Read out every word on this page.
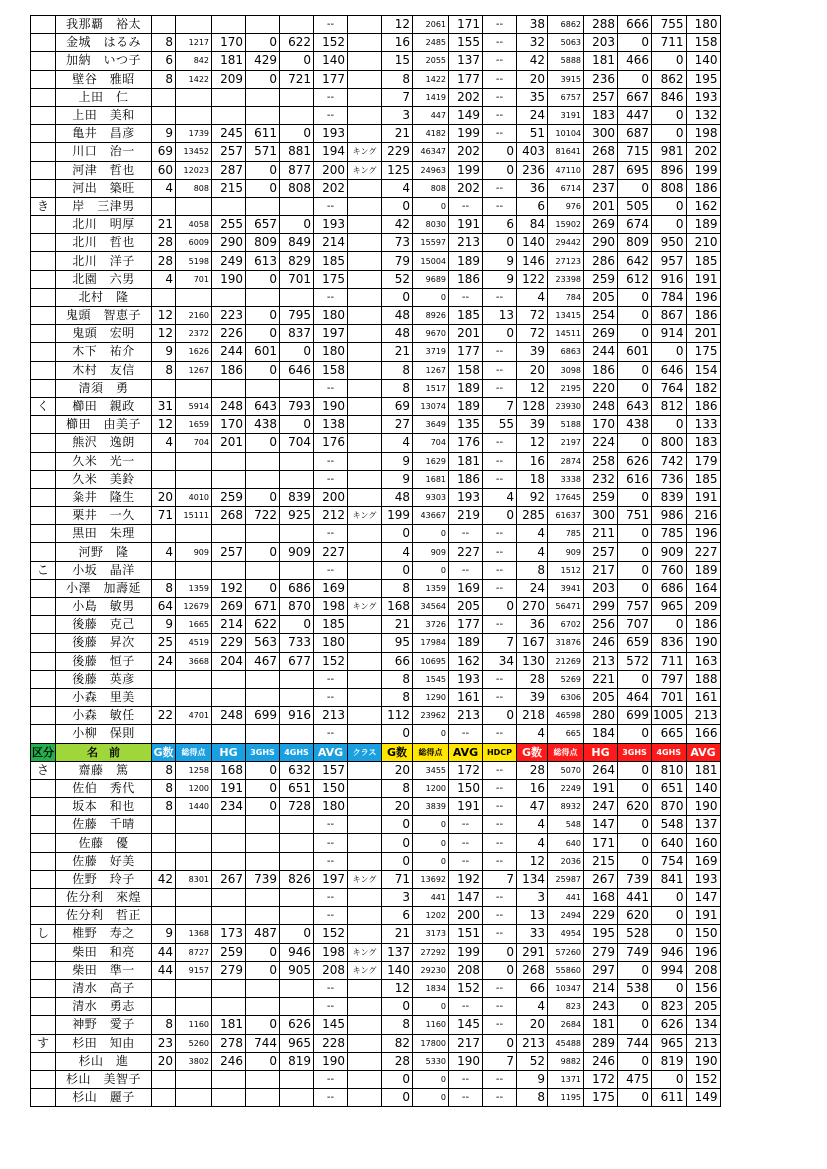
	我那覇　裕太						--		12	2061	171	--	38	6862	288	666	755	180
	金城　はるみ	8	1217	170	0	622	152		16	2485	155	--	32	5063	203	0	711	158
	加納　いつ子	6	842	181	429	0	140		15	2055	137	--	42	5888	181	466	0	140
	壁谷　雅昭	8	1422	209	0	721	177		8	1422	177	--	20	3915	236	0	862	195
	上田　仁						--		7	1419	202	--	35	6757	257	667	846	193
	上田　美和						--		3	447	149	--	24	3191	183	447	0	132
	亀井　昌彦	9	1739	245	611	0	193		21	4182	199	--	51	10104	300	687	0	198
	川口　治一	69	13452	257	571	881	194	キング	229	46347	202	0	403	81641	268	715	981	202
	河津　哲也	60	12023	287	0	877	200	キング	125	24963	199	0	236	47110	287	695	896	199
	河出　築旺	4	808	215	0	808	202		4	808	202	--	36	6714	237	0	808	186
き	岸　三津男						--		0	0	--	--	6	976	201	505	0	162
	北川　明厚	21	4058	255	657	0	193		42	8030	191	6	84	15902	269	674	0	189
	北川　哲也	28	6009	290	809	849	214		73	15597	213	0	140	29442	290	809	950	210
	北川　洋子	28	5198	249	613	829	185		79	15004	189	9	146	27123	286	642	957	185
	北園　六男	4	701	190	0	701	175		52	9689	186	9	122	23398	259	612	916	191
	北村　隆						--		0	0	--	--	4	784	205	0	784	196
	鬼頭　智恵子	12	2160	223	0	795	180		48	8926	185	13	72	13415	254	0	867	186
	鬼頭　宏明	12	2372	226	0	837	197		48	9670	201	0	72	14511	269	0	914	201
	木下　祐介	9	1626	244	601	0	180		21	3719	177	--	39	6863	244	601	0	175
	木村　友信	8	1267	186	0	646	158		8	1267	158	--	20	3098	186	0	646	154
	清須　勇						--		8	1517	189	--	12	2195	220	0	764	182
く	櫛田　親政	31	5914	248	643	793	190		69	13074	189	7	128	23930	248	643	812	186
	櫛田　由美子	12	1659	170	438	0	138		27	3649	135	55	39	5188	170	438	0	133
	熊沢　逸朗	4	704	201	0	704	176		4	704	176	--	12	2197	224	0	800	183
	久米　光一						--		9	1629	181	--	16	2874	258	626	742	179
	久米　美鈴						--		9	1681	186	--	18	3338	232	616	736	185
	粂井　隆生	20	4010	259	0	839	200		48	9303	193	4	92	17645	259	0	839	191
	栗井　一久	71	15111	268	722	925	212	キング	199	43667	219	0	285	61637	300	751	986	216
	黒田　朱理						--		0	0	--	--	4	785	211	0	785	196
	河野　隆	4	909	257	0	909	227		4	909	227	--	4	909	257	0	909	227
こ	小坂　晶洋						--		0	0	--	--	8	1512	217	0	760	189
	小澤　加壽延	8	1359	192	0	686	169		8	1359	169	--	24	3941	203	0	686	164
	小島　敏男	64	12679	269	671	870	198	キング	168	34564	205	0	270	56471	299	757	965	209
	後藤　克己	9	1665	214	622	0	185		21	3726	177	--	36	6702	256	707	0	186
	後藤　昇次	25	4519	229	563	733	180		95	17984	189	7	167	31876	246	659	836	190
	後藤　恒子	24	3668	204	467	677	152		66	10695	162	34	130	21269	213	572	711	163
	後藤　英彦						--		8	1545	193	--	28	5269	221	0	797	188
	小森　里美						--		8	1290	161	--	39	6306	205	464	701	161
	小森　敏任	22	4701	248	699	916	213		112	23962	213	0	218	46598	280	699	1005	213
	小柳　保則						--		0	0	--	--	4	665	184	0	665	166
区分	名　前	G数	総得点	HG	3GHS	4GHS	AVG	クラス	G数	総得点	AVG	HDCP	G数	総得点	HG	3GHS	4GHS	AVG
さ	齋藤　篤	8	1258	168	0	632	157		20	3455	172	--	28	5070	264	0	810	181
	佐伯　秀代	8	1200	191	0	651	150		8	1200	150	--	16	2249	191	0	651	140
	坂本　和也	8	1440	234	0	728	180		20	3839	191	--	47	8932	247	620	870	190
	佐藤　千晴						--		0	0	--	--	4	548	147	0	548	137
	佐藤　優						--		0	0	--	--	4	640	171	0	640	160
	佐藤　好美						--		0	0	--	--	12	2036	215	0	754	169
	佐野　玲子	42	8301	267	739	826	197	キング	71	13692	192	7	134	25987	267	739	841	193
	佐分利　來煌						--		3	441	147	--	3	441	168	441	0	147
	佐分利　哲正						--		6	1202	200	--	13	2494	229	620	0	191
し	椎野　寿之	9	1368	173	487	0	152		21	3173	151	--	33	4954	195	528	0	150
	柴田　和亮	44	8727	259	0	946	198	キング	137	27292	199	0	291	57260	279	749	946	196
	柴田　準一	44	9157	279	0	905	208	キング	140	29230	208	0	268	55860	297	0	994	208
	清水　高子						--		12	1834	152	--	66	10347	214	538	0	156
	清水　勇志						--		0	0	--	--	4	823	243	0	823	205
	神野　愛子	8	1160	181	0	626	145		8	1160	145	--	20	2684	181	0	626	134
す	杉田　知由	23	5260	278	744	965	228		82	17800	217	0	213	45488	289	744	965	213
	杉山　進	20	3802	246	0	819	190		28	5330	190	7	52	9882	246	0	819	190
	杉山　美智子						--		0	0	--	--	9	1371	172	475	0	152
	杉山　麗子						--		0	0	--	--	8	1195	175	0	611	149
